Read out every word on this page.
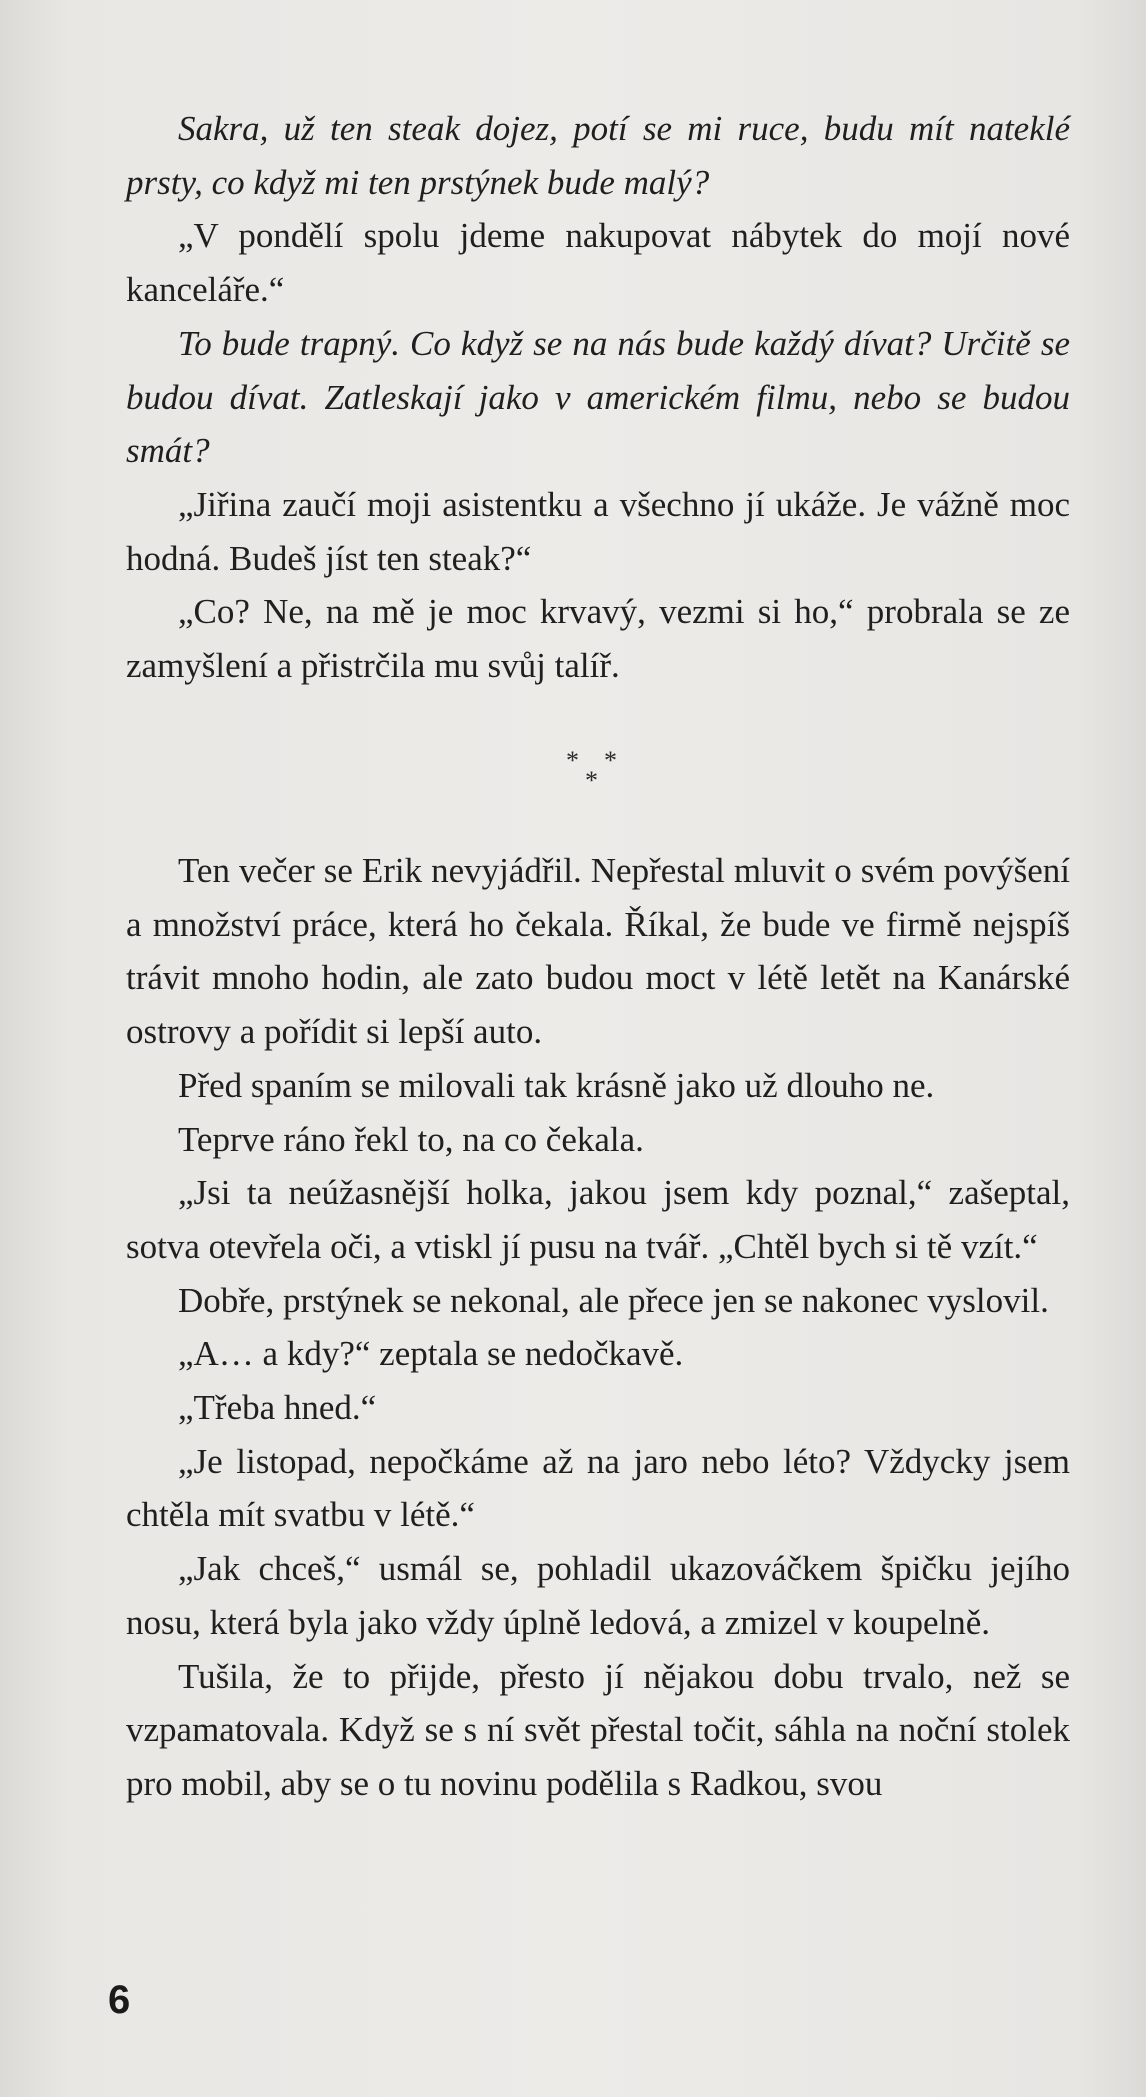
Sakra, už ten steak dojez, potí se mi ruce, budu mít nateklé prsty, co když mi ten prstýnek bude malý?

„V pondělí spolu jdeme nakupovat nábytek do mojí nové kanceláře.“

To bude trapný. Co když se na nás bude každý dívat? Určitě se budou dívat. Zatleskají jako v americkém filmu, nebo se budou smát?

„Jiřina zaučí moji asistentku a všechno jí ukáže. Je vážně moc hodná. Budeš jíst ten steak?“

„Co? Ne, na mě je moc krvavý, vezmi si ho,“ probrala se ze zamyšlení a přistrčila mu svůj talíř.

* *
*

Ten večer se Erik nevyjádřil. Nepřestal mluvit o svém povýšení a množství práce, která ho čekala. Říkal, že bude ve firmě nejspíš trávit mnoho hodin, ale zato budou moct v létě letět na Kanárské ostrovy a pořídit si lepší auto.

Před spaním se milovali tak krásně jako už dlouho ne.

Teprve ráno řekl to, na co čekala.

„Jsi ta neúžasnější holka, jakou jsem kdy poznal,“ zašeptal, sotva otevřela oči, a vtiskl jí pusu na tvář. „Chtěl bych si tě vzít.“

Dobře, prstýnek se nekonal, ale přece jen se nakonec vyslovil.

„A… a kdy?“ zeptala se nedočkavě.

„Třeba hned.“

„Je listopad, nepočkáme až na jaro nebo léto? Vždycky jsem chtěla mít svatbu v létě.“

„Jak chceš,“ usmál se, pohladil ukazováčkem špičku jejího nosu, která byla jako vždy úplně ledová, a zmizel v koupelně.

Tušila, že to přijde, přesto jí nějakou dobu trvalo, než se vzpamatovala. Když se s ní svět přestal točit, sáhla na noční stolek pro mobil, aby se o tu novinu podělila s Radkou, svou

6
